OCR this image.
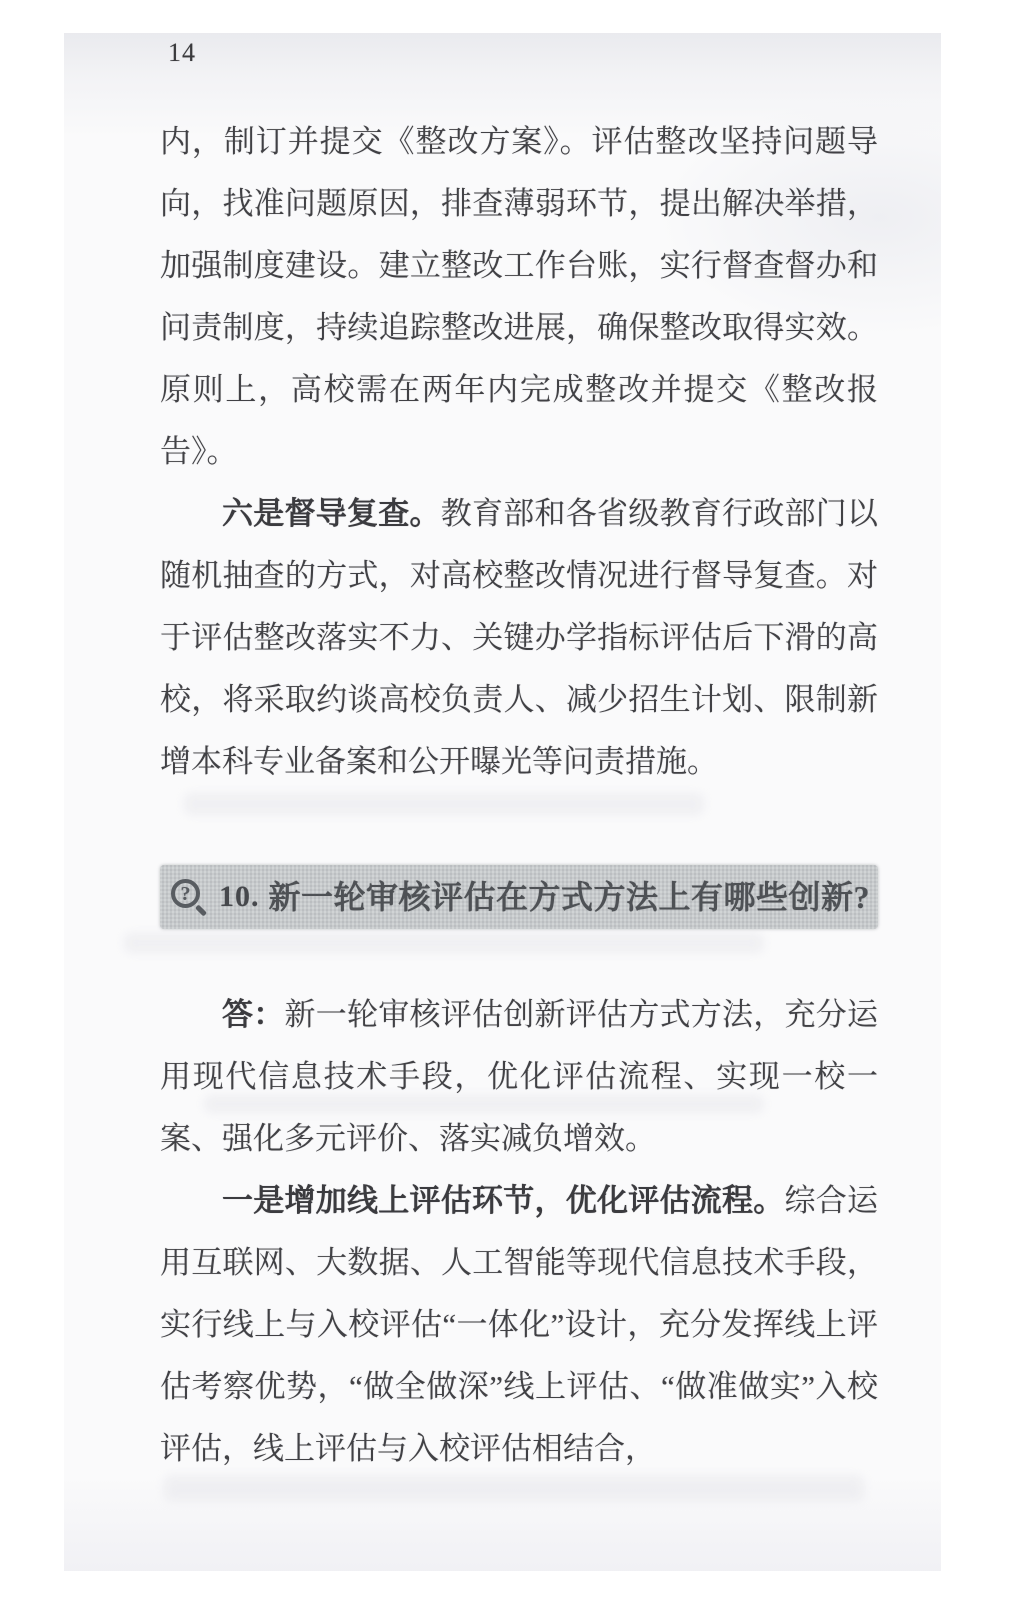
14

内，制订并提交《整改方案》。评估整改坚持问题导向，找准问题原因，排查薄弱环节，提出解决举措，加强制度建设。建立整改工作台账，实行督查督办和问责制度，持续追踪整改进展，确保整改取得实效。原则上，高校需在两年内完成整改并提交《整改报告》。

六是督导复查。教育部和各省级教育行政部门以随机抽查的方式，对高校整改情况进行督导复查。对于评估整改落实不力、关键办学指标评估后下滑的高校，将采取约谈高校负责人、减少招生计划、限制新增本科专业备案和公开曝光等问责措施。

? 10. 新一轮审核评估在方式方法上有哪些创新?

答：新一轮审核评估创新评估方式方法，充分运用现代信息技术手段，优化评估流程、实现一校一案、强化多元评价、落实减负增效。

一是增加线上评估环节，优化评估流程。综合运用互联网、大数据、人工智能等现代信息技术手段，实行线上与入校评估“一体化”设计，充分发挥线上评估考察优势，“做全做深”线上评估、“做准做实”入校评估，线上评估与入校评估相结合，
